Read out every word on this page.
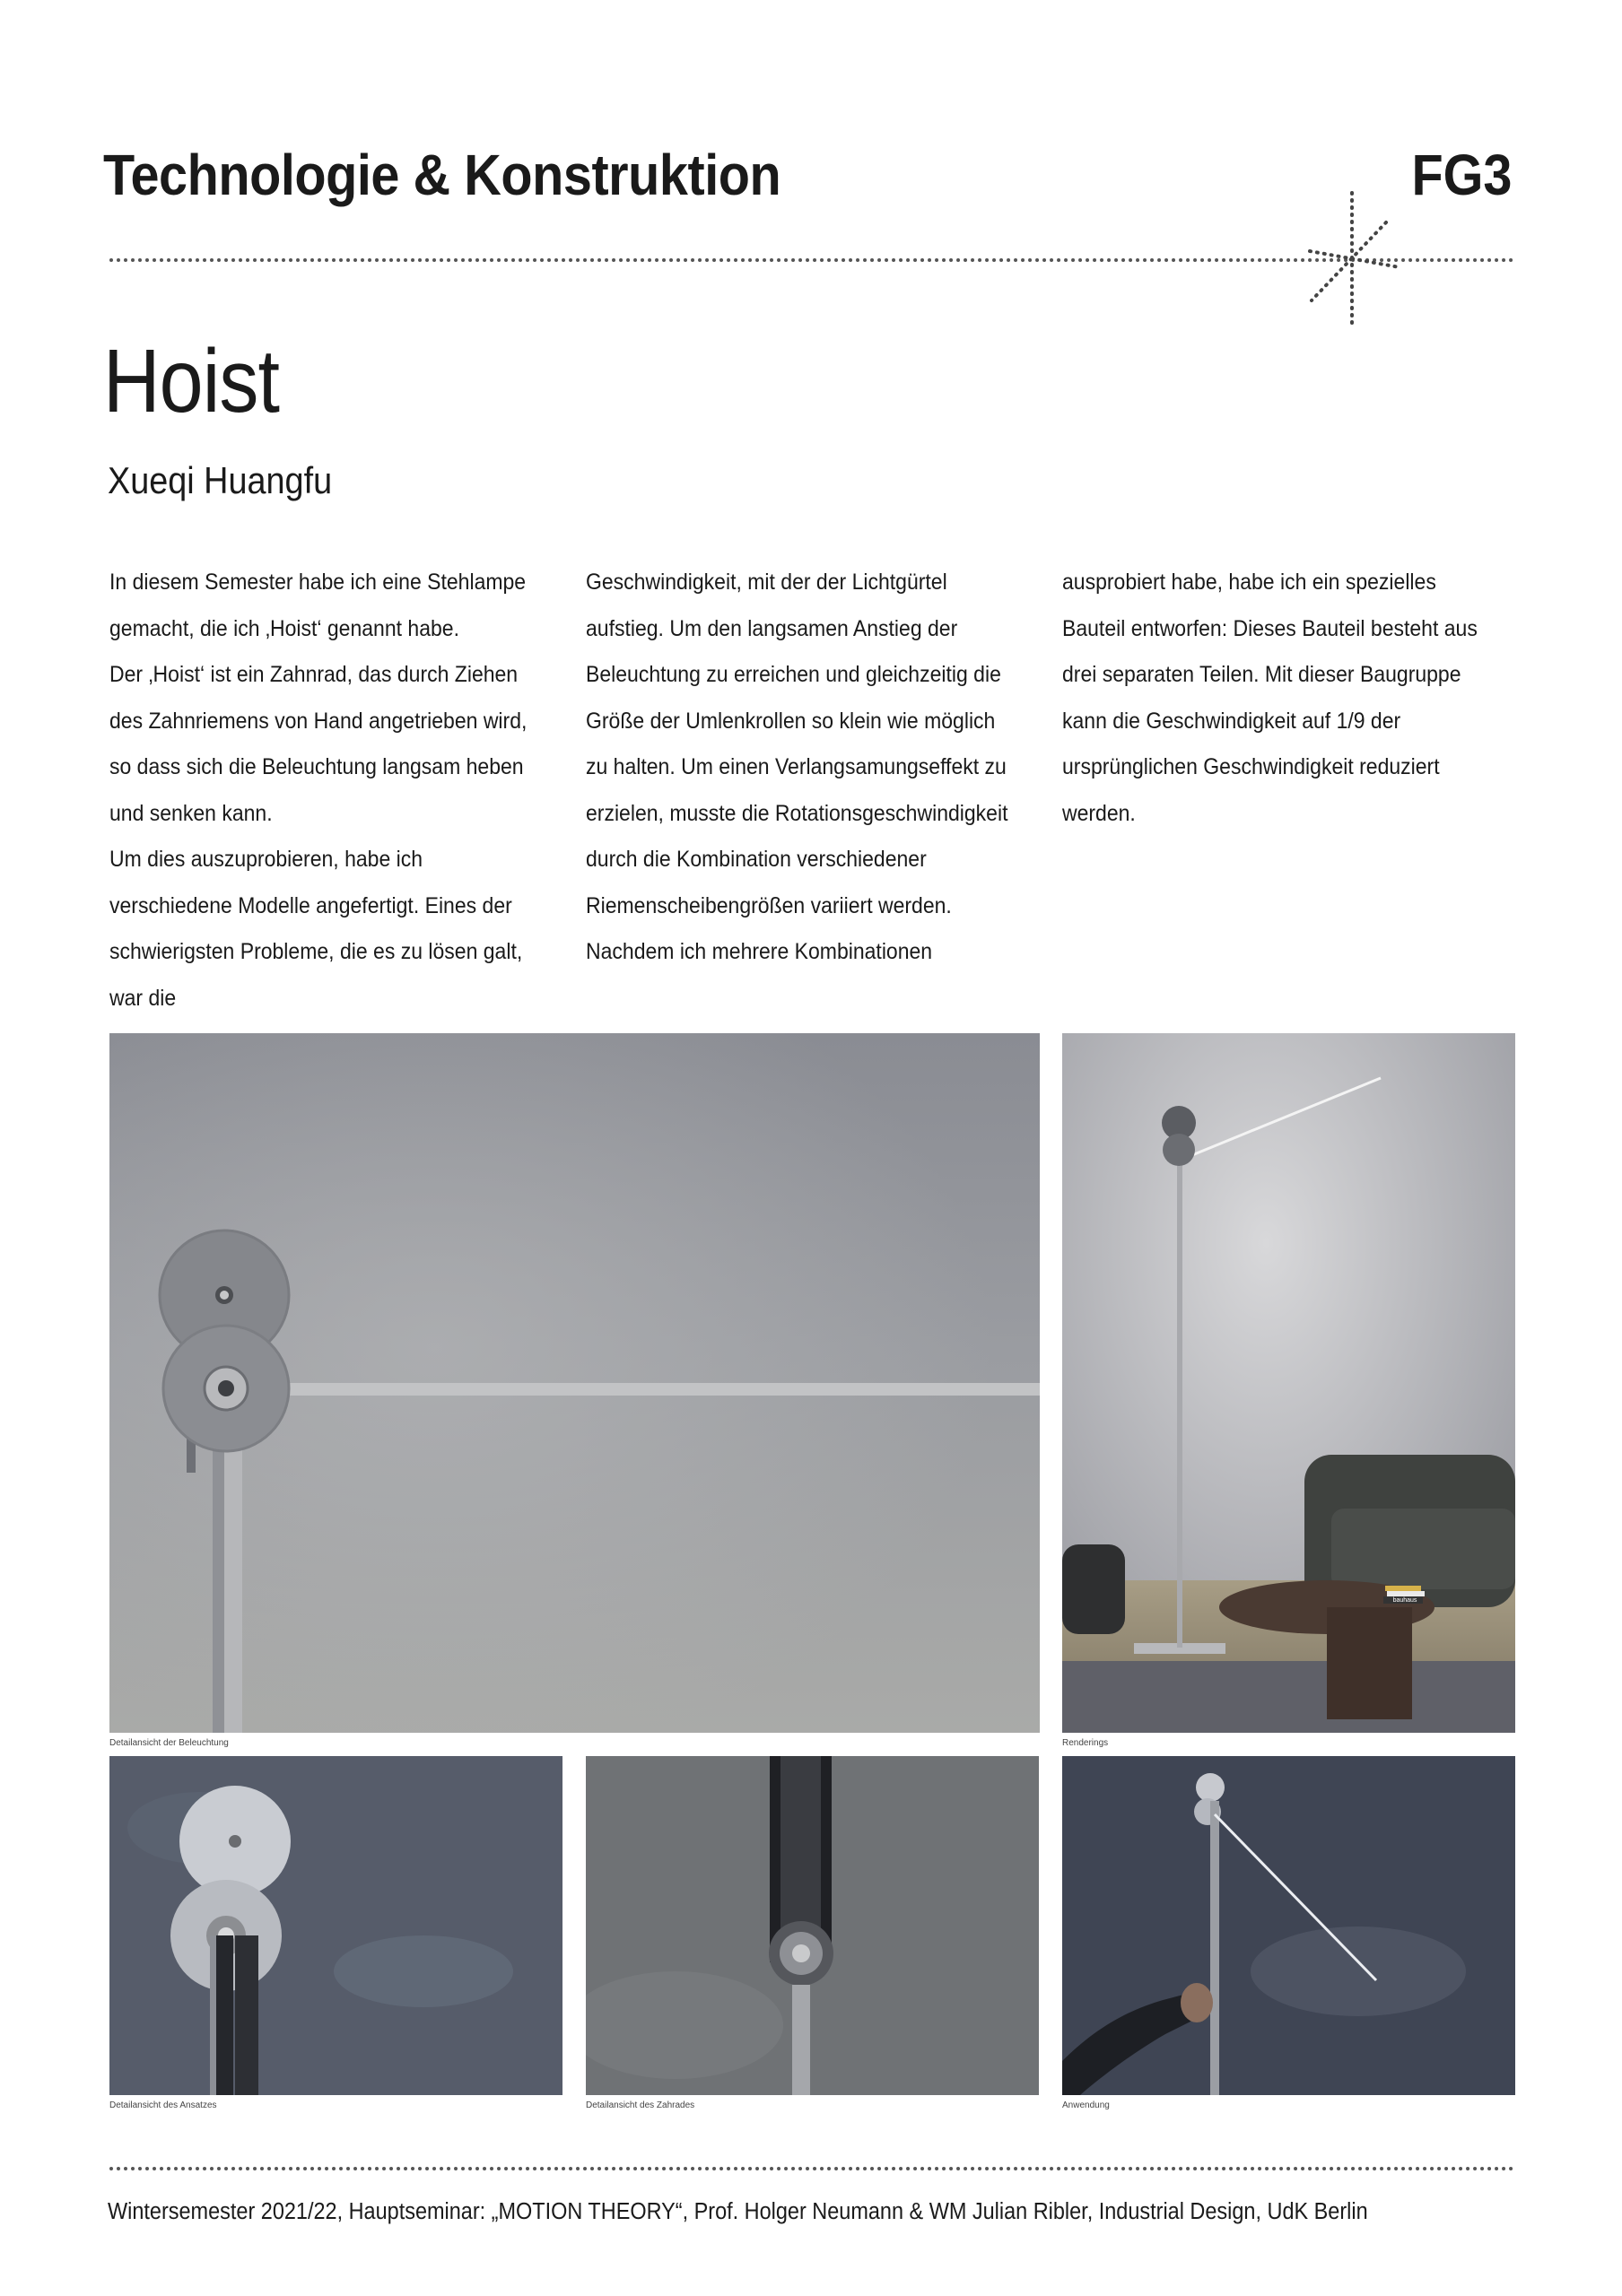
Technologie & Konstruktion	FG3
Hoist
Xueqi Huangfu

In diesem Semester habe ich eine Stehlampe gemacht, die ich ‚Hoist‘ genannt habe.

Der ‚Hoist‘ ist ein Zahnrad, das durch Ziehen des Zahnriemens von Hand angetrieben wird, so dass sich die Beleuchtung langsam heben und senken kann.

Um dies auszuprobieren, habe ich verschiedene Modelle angefertigt. Eines der schwierigsten Probleme, die es zu lösen galt, war die

Geschwindigkeit, mit der der Lichtgürtel aufstieg. Um den langsamen Anstieg der Beleuchtung zu erreichen und gleichzeitig die Größe der Umlenkrollen so klein wie möglich zu halten. Um einen Verlangsamungseffekt zu erzielen, musste die Rotationsgeschwindigkeit durch die Kombination verschiedener Riemenscheibengrößen variiert werden. Nachdem ich mehrere Kombinationen

ausprobiert habe, habe ich ein spezielles Bauteil entworfen: Dieses Bauteil besteht aus drei separaten Teilen. Mit dieser Baugruppe kann die Geschwindigkeit auf 1/9 der ursprünglichen Geschwindigkeit reduziert werden.

Detailansicht der Beleuchtung
bauhaus
Renderings
Detailansicht des Ansatzes	Detailansicht des Zahrades	Anwendung
Wintersemester 2021/22, Hauptseminar: „MOTION THEORY“, Prof. Holger Neumann & WM Julian Ribler, Industrial Design, UdK Berlin
